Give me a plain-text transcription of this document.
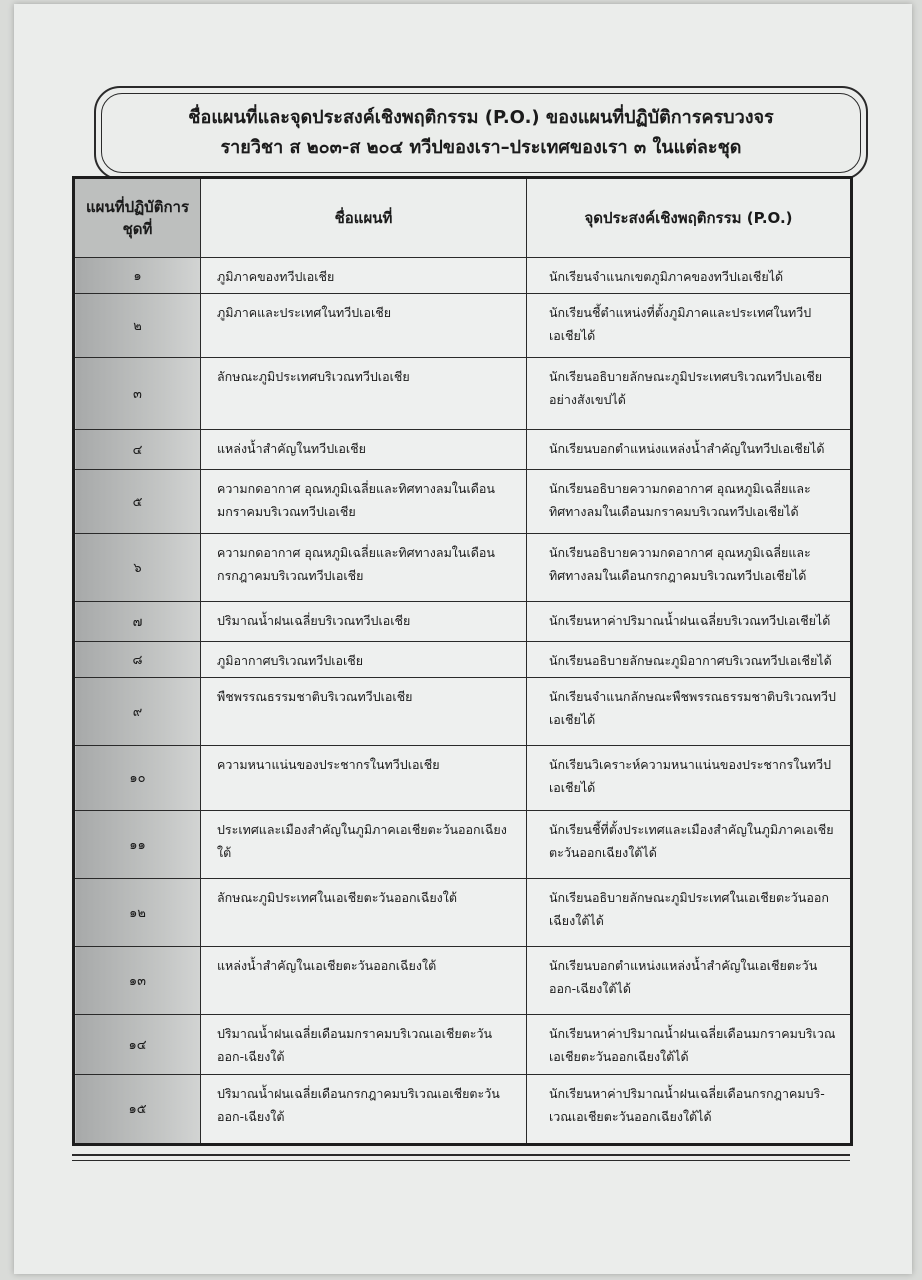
ชื่อแผนที่และจุดประสงค์เชิงพฤติกรรม (P.O.) ของแผนที่ปฏิบัติการครบวงจร
รายวิชา ส ๒๐๓-ส ๒๐๔ ทวีปของเรา–ประเทศของเรา ๓ ในแต่ละชุด
แผนที่ปฏิบัติการ ชุดที่	ชื่อแผนที่	จุดประสงค์เชิงพฤติกรรม (P.O.)
๑	ภูมิภาคของทวีปเอเชีย	นักเรียนจำแนกเขตภูมิภาคของทวีปเอเชียได้
๒	ภูมิภาคและประเทศในทวีปเอเชีย	นักเรียนชี้ตำแหน่งที่ตั้งภูมิภาคและประเทศในทวีปเอเชียได้
๓	ลักษณะภูมิประเทศบริเวณทวีปเอเชีย	นักเรียนอธิบายลักษณะภูมิประเทศบริเวณทวีปเอเชียอย่างสังเขปได้
๔	แหล่งน้ำสำคัญในทวีปเอเชีย	นักเรียนบอกตำแหน่งแหล่งน้ำสำคัญในทวีปเอเชียได้
๕	ความกดอากาศ อุณหภูมิเฉลี่ยและทิศทางลมในเดือนมกราคมบริเวณทวีปเอเชีย	นักเรียนอธิบายความกดอากาศ อุณหภูมิเฉลี่ยและทิศทางลมในเดือนมกราคมบริเวณทวีปเอเชียได้
๖	ความกดอากาศ อุณหภูมิเฉลี่ยและทิศทางลมในเดือนกรกฎาคมบริเวณทวีปเอเชีย	นักเรียนอธิบายความกดอากาศ อุณหภูมิเฉลี่ยและทิศทางลมในเดือนกรกฎาคมบริเวณทวีปเอเชียได้
๗	ปริมาณน้ำฝนเฉลี่ยบริเวณทวีปเอเชีย	นักเรียนหาค่าปริมาณน้ำฝนเฉลี่ยบริเวณทวีปเอเชียได้
๘	ภูมิอากาศบริเวณทวีปเอเชีย	นักเรียนอธิบายลักษณะภูมิอากาศบริเวณทวีปเอเชียได้
๙	พืชพรรณธรรมชาติบริเวณทวีปเอเชีย	นักเรียนจำแนกลักษณะพืชพรรณธรรมชาติบริเวณทวีปเอเชียได้
๑๐	ความหนาแน่นของประชากรในทวีปเอเชีย	นักเรียนวิเคราะห์ความหนาแน่นของประชากรในทวีปเอเชียได้
๑๑	ประเทศและเมืองสำคัญในภูมิภาคเอเชียตะวันออกเฉียงใต้	นักเรียนชี้ที่ตั้งประเทศและเมืองสำคัญในภูมิภาคเอเชียตะวันออกเฉียงใต้ได้
๑๒	ลักษณะภูมิประเทศในเอเชียตะวันออกเฉียงใต้	นักเรียนอธิบายลักษณะภูมิประเทศในเอเชียตะวันออกเฉียงใต้ได้
๑๓	แหล่งน้ำสำคัญในเอเชียตะวันออกเฉียงใต้	นักเรียนบอกตำแหน่งแหล่งน้ำสำคัญในเอเชียตะวันออก-เฉียงใต้ได้
๑๔	ปริมาณน้ำฝนเฉลี่ยเดือนมกราคมบริเวณเอเชียตะวันออก-เฉียงใต้	นักเรียนหาค่าปริมาณน้ำฝนเฉลี่ยเดือนมกราคมบริเวณเอเชียตะวันออกเฉียงใต้ได้
๑๕	ปริมาณน้ำฝนเฉลี่ยเดือนกรกฎาคมบริเวณเอเชียตะวันออก-เฉียงใต้	นักเรียนหาค่าปริมาณน้ำฝนเฉลี่ยเดือนกรกฎาคมบริ-เวณเอเชียตะวันออกเฉียงใต้ได้
